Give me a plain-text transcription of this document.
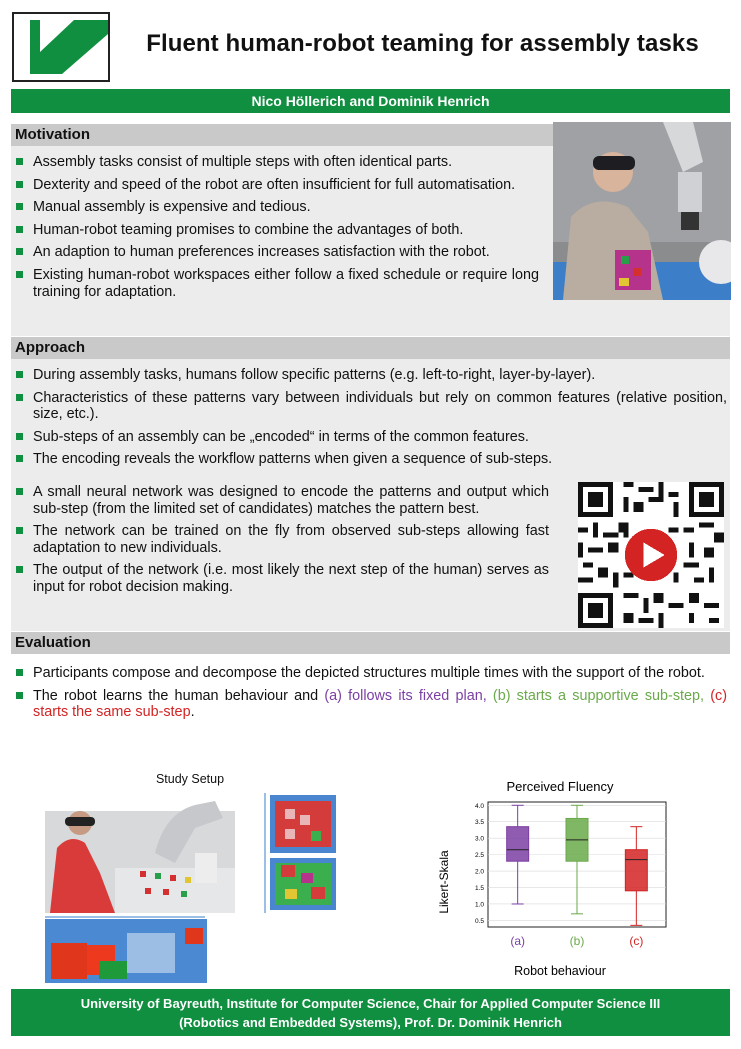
Fluent human-robot teaming for assembly tasks
Nico Höllerich and Dominik Henrich
Motivation
Assembly tasks consist of multiple steps with often identical parts.
Dexterity and speed of the robot are often insufficient for full automatisation.
Manual assembly is expensive and tedious.
Human-robot teaming promises to combine the advantages of both.
An adaption to human preferences increases satisfaction with the robot.
Existing human-robot workspaces either follow a fixed schedule or require long training for adaptation.
Approach
During assembly tasks, humans follow specific patterns (e.g. left-to-right, layer-by-layer).
Characteristics of these patterns vary between individuals but rely on common features (relative position, size, etc.).
Sub-steps of an assembly can be „encoded“ in terms of the common features.
The encoding reveals the workflow patterns when given a sequence of sub-steps.
A small neural network was designed to encode the patterns and output which sub-step (from the limited set of candidates) matches the pattern best.
The network can be trained on the fly from observed sub-steps allowing fast adaptation to new individuals.
The output of the network (i.e. most likely the next step of the human) serves as input for robot decision making.
Evaluation
Participants compose and decompose the depicted structures multiple times with the support of the robot.
The robot learns the human behaviour and (a) follows its fixed plan, (b) starts a supportive sub-step, (c) starts the same sub-step.
Study Setup	Perceived Fluency
4.0
3.5
3.0
2.5
2.0
1.5
1.0
0.5
(a)	(b)	(c)
Robot behaviour
Likert-Skala
University of Bayreuth, Institute for Computer Science, Chair for Applied Computer Science III
(Robotics and Embedded Systems), Prof. Dr. Dominik Henrich
